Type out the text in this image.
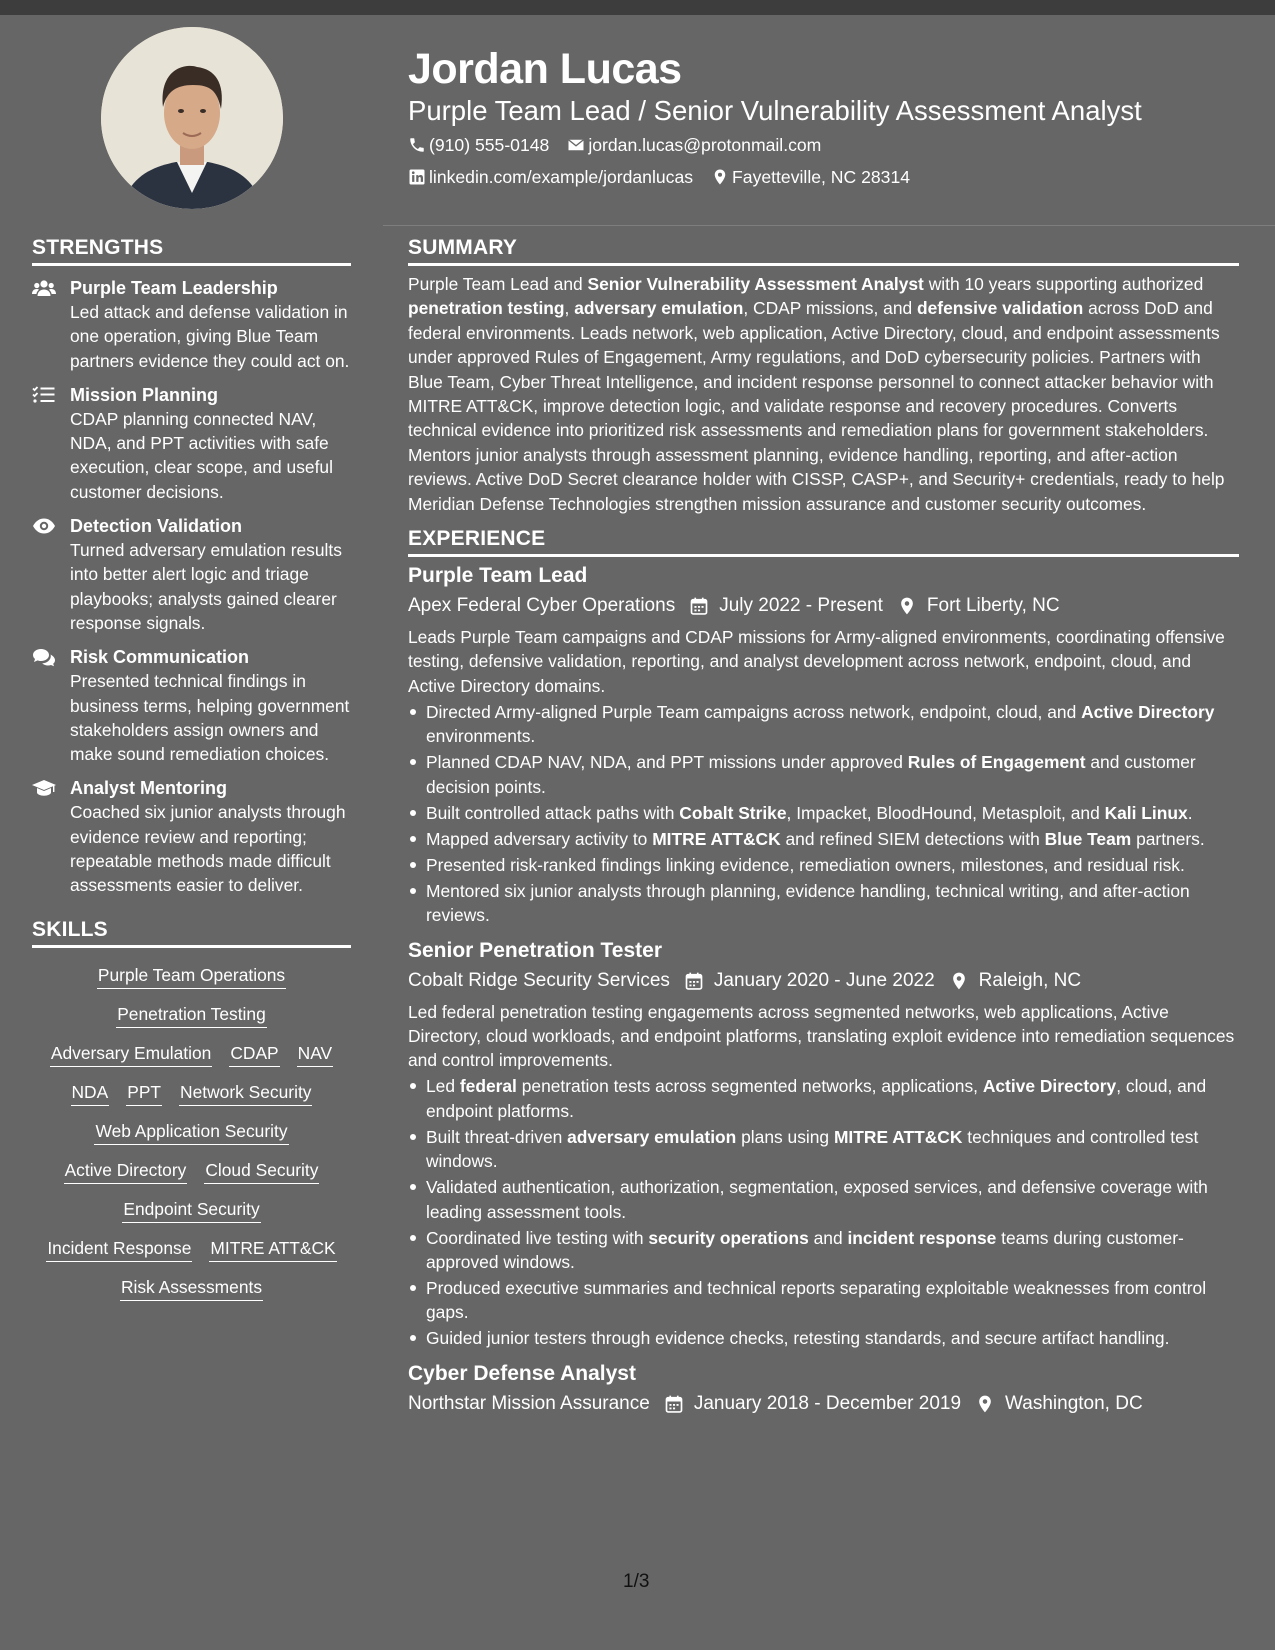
Jordan Lucas
Purple Team Lead / Senior Vulnerability Assessment Analyst
(910) 555-0148 jordan.lucas@protonmail.com
linkedin.com/example/jordanlucas Fayetteville, NC 28314
STRENGTHS
Purple Team Leadership
Led attack and defense validation in one operation, giving Blue Team partners evidence they could act on.
Mission Planning
CDAP planning connected NAV, NDA, and PPT activities with safe execution, clear scope, and useful customer decisions.
Detection Validation
Turned adversary emulation results into better alert logic and triage playbooks; analysts gained clearer response signals.
Risk Communication
Presented technical findings in business terms, helping government stakeholders assign owners and make sound remediation choices.
Analyst Mentoring
Coached six junior analysts through evidence review and reporting; repeatable methods made difficult assessments easier to deliver.
SKILLS
Purple Team Operations
Penetration Testing
Adversary Emulation CDAP NAV
NDA PPT Network Security
Web Application Security
Active Directory Cloud Security
Endpoint Security
Incident Response MITRE ATT&CK
Risk Assessments
SUMMARY
Purple Team Lead and Senior Vulnerability Assessment Analyst with 10 years supporting authorized penetration testing, adversary emulation, CDAP missions, and defensive validation across DoD and federal environments. Leads network, web application, Active Directory, cloud, and endpoint assessments under approved Rules of Engagement, Army regulations, and DoD cybersecurity policies. Partners with Blue Team, Cyber Threat Intelligence, and incident response personnel to connect attacker behavior with MITRE ATT&CK, improve detection logic, and validate response and recovery procedures. Converts technical evidence into prioritized risk assessments and remediation plans for government stakeholders. Mentors junior analysts through assessment planning, evidence handling, reporting, and after-action reviews. Active DoD Secret clearance holder with CISSP, CASP+, and Security+ credentials, ready to help Meridian Defense Technologies strengthen mission assurance and customer security outcomes.
EXPERIENCE
Purple Team Lead
Apex Federal Cyber Operations July 2022 - Present Fort Liberty, NC
Leads Purple Team campaigns and CDAP missions for Army-aligned environments, coordinating offensive testing, defensive validation, reporting, and analyst development across network, endpoint, cloud, and Active Directory domains.
Directed Army-aligned Purple Team campaigns across network, endpoint, cloud, and Active Directory environments.
Planned CDAP NAV, NDA, and PPT missions under approved Rules of Engagement and customer decision points.
Built controlled attack paths with Cobalt Strike, Impacket, BloodHound, Metasploit, and Kali Linux.
Mapped adversary activity to MITRE ATT&CK and refined SIEM detections with Blue Team partners.
Presented risk-ranked findings linking evidence, remediation owners, milestones, and residual risk.
Mentored six junior analysts through planning, evidence handling, technical writing, and after-action reviews.
Senior Penetration Tester
Cobalt Ridge Security Services January 2020 - June 2022 Raleigh, NC
Led federal penetration testing engagements across segmented networks, web applications, Active Directory, cloud workloads, and endpoint platforms, translating exploit evidence into remediation sequences and control improvements.
Led federal penetration tests across segmented networks, applications, Active Directory, cloud, and endpoint platforms.
Built threat-driven adversary emulation plans using MITRE ATT&CK techniques and controlled test windows.
Validated authentication, authorization, segmentation, exposed services, and defensive coverage with leading assessment tools.
Coordinated live testing with security operations and incident response teams during customer-approved windows.
Produced executive summaries and technical reports separating exploitable weaknesses from control gaps.
Guided junior testers through evidence checks, retesting standards, and secure artifact handling.
Cyber Defense Analyst
Northstar Mission Assurance January 2018 - December 2019 Washington, DC
1/3
